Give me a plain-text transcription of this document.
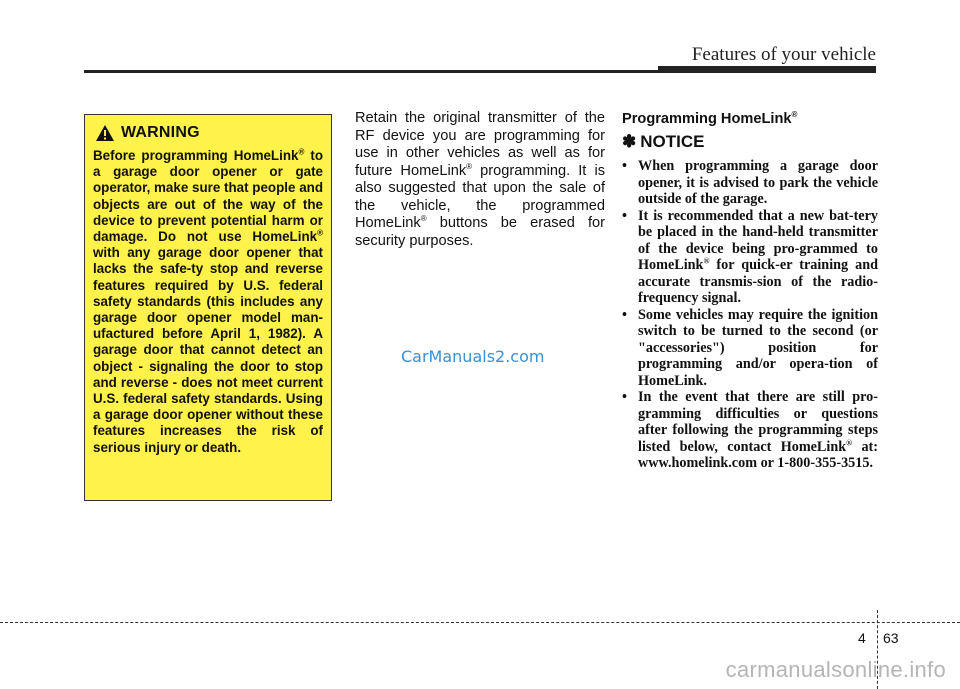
Features of your vehicle
WARNING

Before programming HomeLink® to a garage door opener or gate operator, make sure that people and objects are out of the way of the device to prevent potential harm or damage. Do not use HomeLink® with any garage door opener that lacks the safe-ty stop and reverse features required by U.S. federal safety standards (this includes any garage door opener model man-ufactured before April 1, 1982). A garage door that cannot detect an object - signaling the door to stop and reverse - does not meet current U.S. federal safety standards. Using a garage door opener without these features increases the risk of serious injury or death.

Retain the original transmitter of the RF device you are programming for use in other vehicles as well as for future HomeLink® programming. It is also suggested that upon the sale of the vehicle, the programmed HomeLink® buttons be erased for security purposes.

Programming HomeLink®
✽ NOTICE
• When programming a garage door opener, it is advised to park the vehicle outside of the garage.
• It is recommended that a new bat-tery be placed in the hand-held transmitter of the device being pro-grammed to HomeLink® for quick-er training and accurate transmis-sion of the radio-frequency signal.
• Some vehicles may require the ignition switch to be turned to the second (or "accessories") position for programming and/or opera-tion of HomeLink.
• In the event that there are still pro-gramming difficulties or questions after following the programming steps listed below, contact HomeLink® at: www.homelink.com or 1-800-355-3515.
CarManuals2.com
4 63
carmanualsonline.info
